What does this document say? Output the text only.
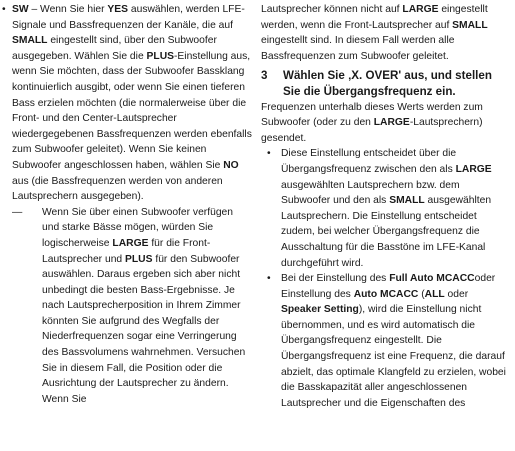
• SW – Wenn Sie hier YES auswählen, werden LFE-Signale und Bassfrequenzen der Kanäle, die auf SMALL eingestellt sind, über den Subwoofer ausgegeben. Wählen Sie die PLUS-Einstellung aus, wenn Sie möchten, dass der Subwoofer Bassklang kontinuierlich ausgibt, oder wenn Sie einen tieferen Bass erzielen möchten (die normalerweise über die Front- und den Center-Lautsprecher wiedergegebenen Bassfrequenzen werden ebenfalls zum Subwoofer geleitet). Wenn Sie keinen Subwoofer angeschlossen haben, wählen Sie NO aus (die Bassfrequenzen werden von anderen Lautsprechern ausgegeben).

— Wenn Sie über einen Subwoofer verfügen und starke Bässe mögen, würden Sie logischerweise LARGE für die Front-Lautsprecher und PLUS für den Subwoofer auswählen. Daraus ergeben sich aber nicht unbedingt die besten Bass-Ergebnisse. Je nach Lautsprecherposition in Ihrem Zimmer könnten Sie aufgrund des Wegfalls der Niederfrequenzen sogar eine Verringerung des Bassvolumens wahrnehmen. Versuchen Sie in diesem Fall, die Position oder die Ausrichtung der Lautsprecher zu ändern. Wenn Sie

Lautsprecher können nicht auf LARGE eingestellt werden, wenn die Front-Lautsprecher auf SMALL eingestellt sind. In diesem Fall werden alle Bassfrequenzen zum Subwoofer geleitet.

3 Wählen Sie ‚X. OVER' aus, und stellen Sie die Übergangsfrequenz ein.

Frequenzen unterhalb dieses Werts werden zum Subwoofer (oder zu den LARGE-Lautsprechern) gesendet.

• Diese Einstellung entscheidet über die Übergangsfrequenz zwischen den als LARGE ausgewählten Lautsprechern bzw. dem Subwoofer und den als SMALL ausgewählten Lautsprechern. Die Einstellung entscheidet zudem, bei welcher Übergangsfrequenz die Ausschaltung für die Basstöne im LFE-Kanal durchgeführt wird.

• Bei der Einstellung des Full Auto MCACCoder Einstellung des Auto MCACC (ALL oder Speaker Setting), wird die Einstellung nicht übernommen, und es wird automatisch die Übergangsfrequenz eingestellt. Die Übergangsfrequenz ist eine Frequenz, die darauf abzielt, das optimale Klangfeld zu erzielen, wobei die Basskapazität aller angeschlossenen Lautsprecher und die Eigenschaften des
